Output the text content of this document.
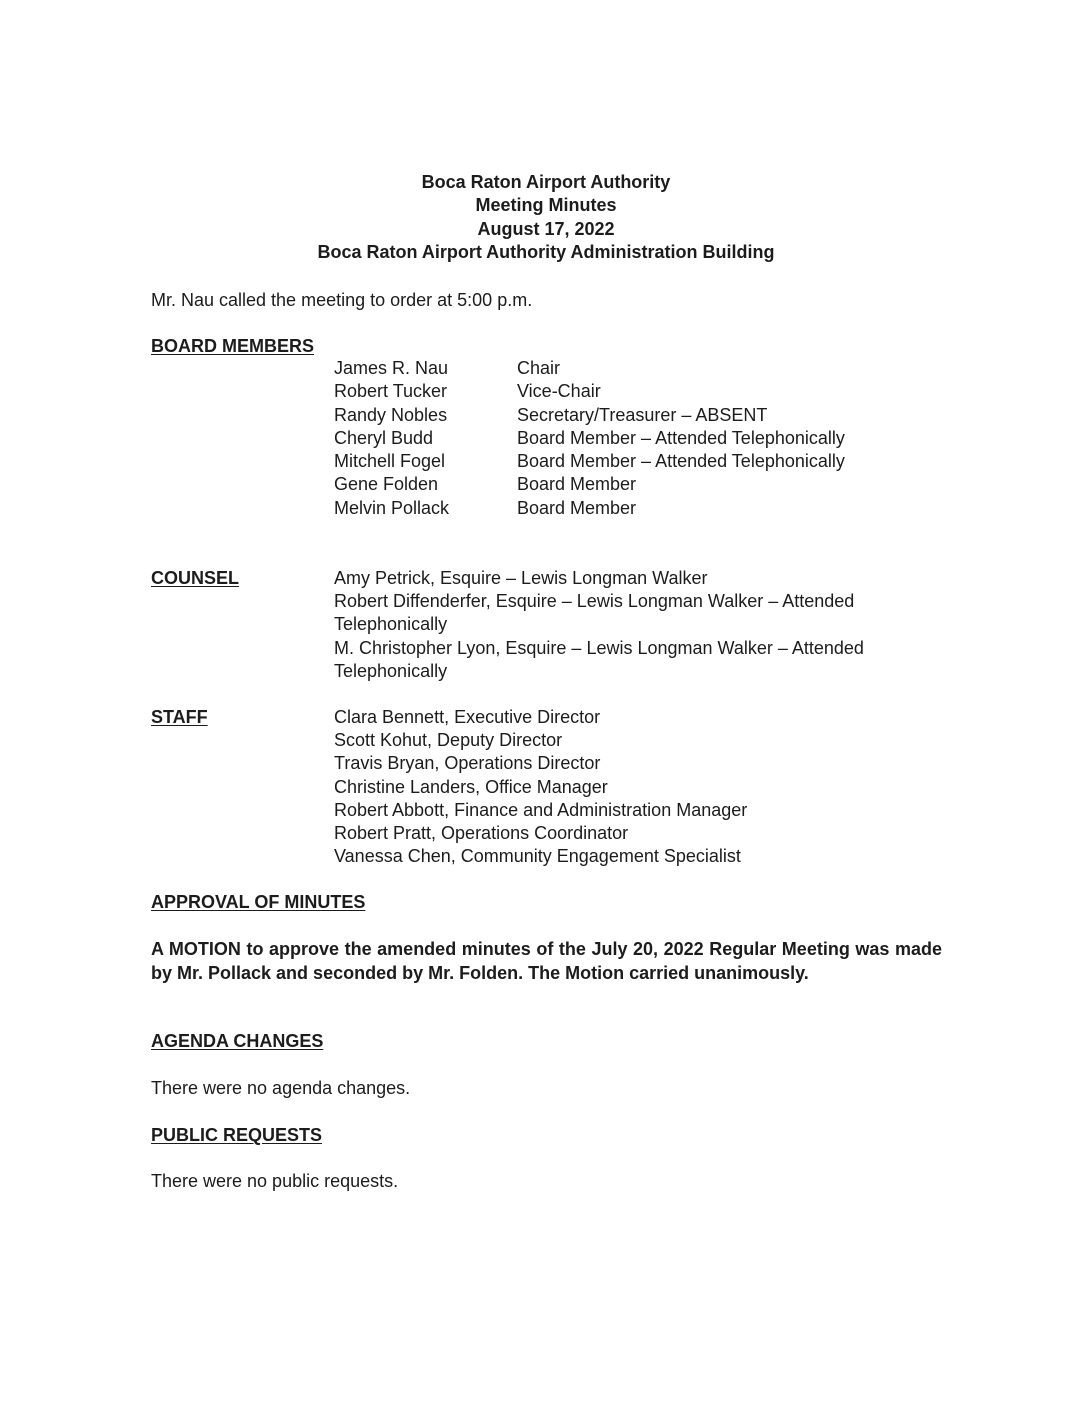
Boca Raton Airport Authority
Meeting Minutes
August 17, 2022
Boca Raton Airport Authority Administration Building
Mr. Nau called the meeting to order at 5:00 p.m.
BOARD MEMBERS
James R. Nau
Robert Tucker
Randy Nobles
Cheryl Budd
Mitchell Fogel
Gene Folden
Melvin Pollack
Chair
Vice-Chair
Secretary/Treasurer – ABSENT
Board Member – Attended Telephonically
Board Member – Attended Telephonically
Board Member
Board Member
COUNSEL	Amy Petrick, Esquire – Lewis Longman Walker
Robert Diffenderfer, Esquire – Lewis Longman Walker – Attended
Telephonically
M. Christopher Lyon, Esquire – Lewis Longman Walker – Attended
Telephonically
STAFF	Clara Bennett, Executive Director
Scott Kohut, Deputy Director
Travis Bryan, Operations Director
Christine Landers, Office Manager
Robert Abbott, Finance and Administration Manager
Robert Pratt, Operations Coordinator
Vanessa Chen, Community Engagement Specialist
APPROVAL OF MINUTES
A MOTION to approve the amended minutes of the July 20, 2022 Regular Meeting was made by Mr. Pollack and seconded by Mr. Folden. The Motion carried unanimously.
AGENDA CHANGES
There were no agenda changes.
PUBLIC REQUESTS
There were no public requests.
